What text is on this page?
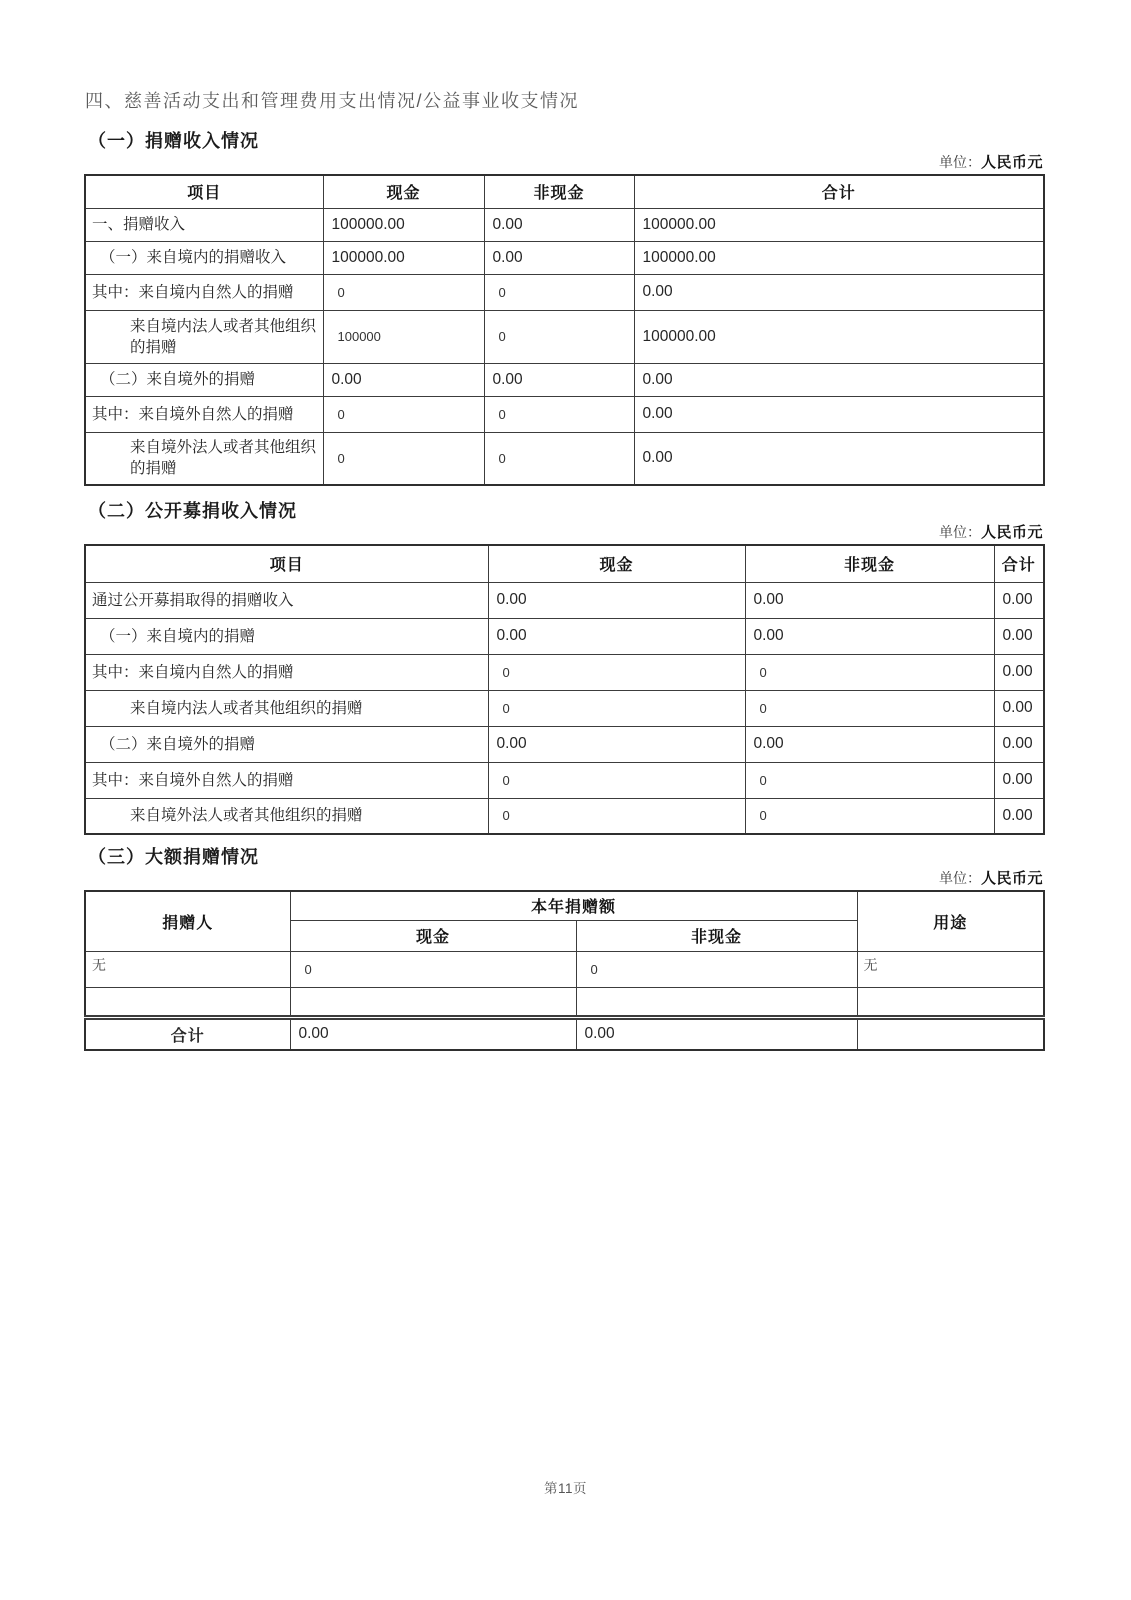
四、慈善活动支出和管理费用支出情况/公益事业收支情况
（一）捐赠收入情况
单位：人民币元
项目	现金	非现金	合计
一、捐赠收入	100000.00	0.00	100000.00
（一）来自境内的捐赠收入	100000.00	0.00	100000.00
其中：来自境内自然人的捐赠	0	0	0.00
来自境内法人或者其他组织的捐赠	100000	0	100000.00
（二）来自境外的捐赠	0.00	0.00	0.00
其中：来自境外自然人的捐赠	0	0	0.00
来自境外法人或者其他组织的捐赠	0	0	0.00
（二）公开募捐收入情况
单位：人民币元
项目	现金	非现金	合计
通过公开募捐取得的捐赠收入	0.00	0.00	0.00
（一）来自境内的捐赠	0.00	0.00	0.00
其中：来自境内自然人的捐赠	0	0	0.00
来自境内法人或者其他组织的捐赠	0	0	0.00
（二）来自境外的捐赠	0.00	0.00	0.00
其中：来自境外自然人的捐赠	0	0	0.00
来自境外法人或者其他组织的捐赠	0	0	0.00
（三）大额捐赠情况
单位：人民币元
捐赠人	本年捐赠额		用途
	现金	非现金	
无	0	0	无

合计	0.00	0.00	
第11页
